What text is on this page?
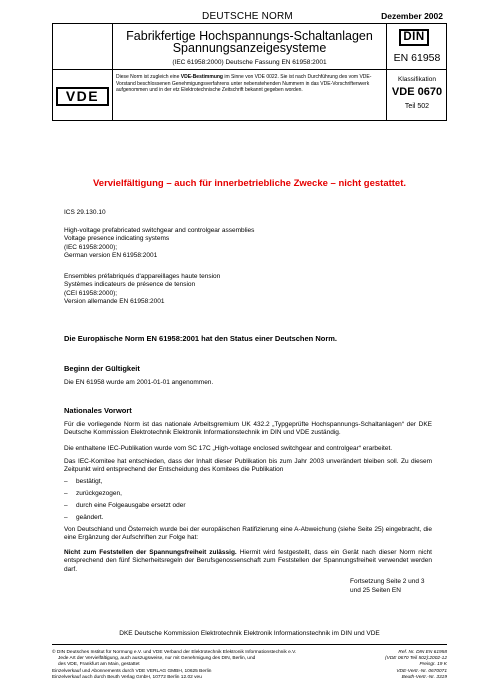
DEUTSCHE NORM	Dezember 2002
Fabrikfertige Hochspannungs-Schaltanlagen
Spannungsanzeigesysteme
(IEC 61958:2000) Deutsche Fassung EN 61958:2001
DIN
EN 61958
VDE
Diese Norm ist zugleich eine VDE-Bestimmung im Sinne von VDE 0022. Sie ist nach Durchführung des vom VDE-Vorstand beschlossenen Genehmigungsverfahrens unter nebenstehenden Nummern in das VDE-Vorschriftenwerk aufgenommen und in der etz Elektrotechnische Zeitschrift bekannt gegeben worden.
Klassifikation
VDE 0670
Teil 502
Vervielfältigung – auch für innerbetriebliche Zwecke – nicht gestattet.
ICS 29.130.10
High-voltage prefabricated switchgear and controlgear assemblies
Voltage presence indicating systems
(IEC 61958:2000);
German version EN 61958:2001
Ensembles préfabriqués d'appareillages haute tension
Systèmes indicateurs de présence de tension
(CEI 61958:2000);
Version allemande EN 61958:2001
Die Europäische Norm EN 61958:2001 hat den Status einer Deutschen Norm.
Beginn der Gültigkeit
Die EN 61958 wurde am 2001-01-01 angenommen.
Nationales Vorwort
Für die vorliegende Norm ist das nationale Arbeitsgremium UK 432.2 „Typgeprüfte Hochspannungs-Schaltanlagen“ der DKE Deutsche Kommission Elektrotechnik Elektronik Informationstechnik im DIN und VDE zuständig.
Die enthaltene IEC-Publikation wurde vom SC 17C „High-voltage enclosed switchgear and controlgear“ erarbeitet.
Das IEC-Komitee hat entschieden, dass der Inhalt dieser Publikation bis zum Jahr 2003 unverändert bleiben soll. Zu diesem Zeitpunkt wird entsprechend der Entscheidung des Komitees die Publikation
– bestätigt,
– zurückgezogen,
– durch eine Folgeausgabe ersetzt oder
– geändert.
Von Deutschland und Österreich wurde bei der europäischen Ratifizierung eine A-Abweichung (siehe Seite 25) eingebracht, die eine Ergänzung der Aufschriften zur Folge hat:
Nicht zum Feststellen der Spannungsfreiheit zulässig. Hiermit wird festgestellt, dass ein Gerät nach dieser Norm nicht entsprechend den fünf Sicherheitsregeln der Berufsgenossenschaft zum Feststellen der Spannungsfreiheit verwendet werden darf.
Fortsetzung Seite 2 und 3
und 25 Seiten EN
DKE Deutsche Kommission Elektrotechnik Elektronik Informationstechnik im DIN und VDE
© DIN Deutsches Institut für Normung e.V. und VDE Verband der Elektrotechnik Elektronik Informationstechnik e.V.
Jede Art der Vervielfältigung, auch auszugsweise, nur mit Genehmigung des DIN, Berlin, und
des VDE, Frankfurt am Main, gestattet
Einzelverkauf und Abonnements durch VDE VERLAG GMBH, 10625 Berlin
Einzelverkauf auch durch Beuth Verlag GmbH, 10772 Berlin 12.02 veu
Ref. Nr. DIN EN 61958
(VDE 0670 Teil 502):2002-12
Preisgr. 19 K
VDE-Vertr.-Nr. 0670071
Beuth-Vertr.-Nr. 3319
